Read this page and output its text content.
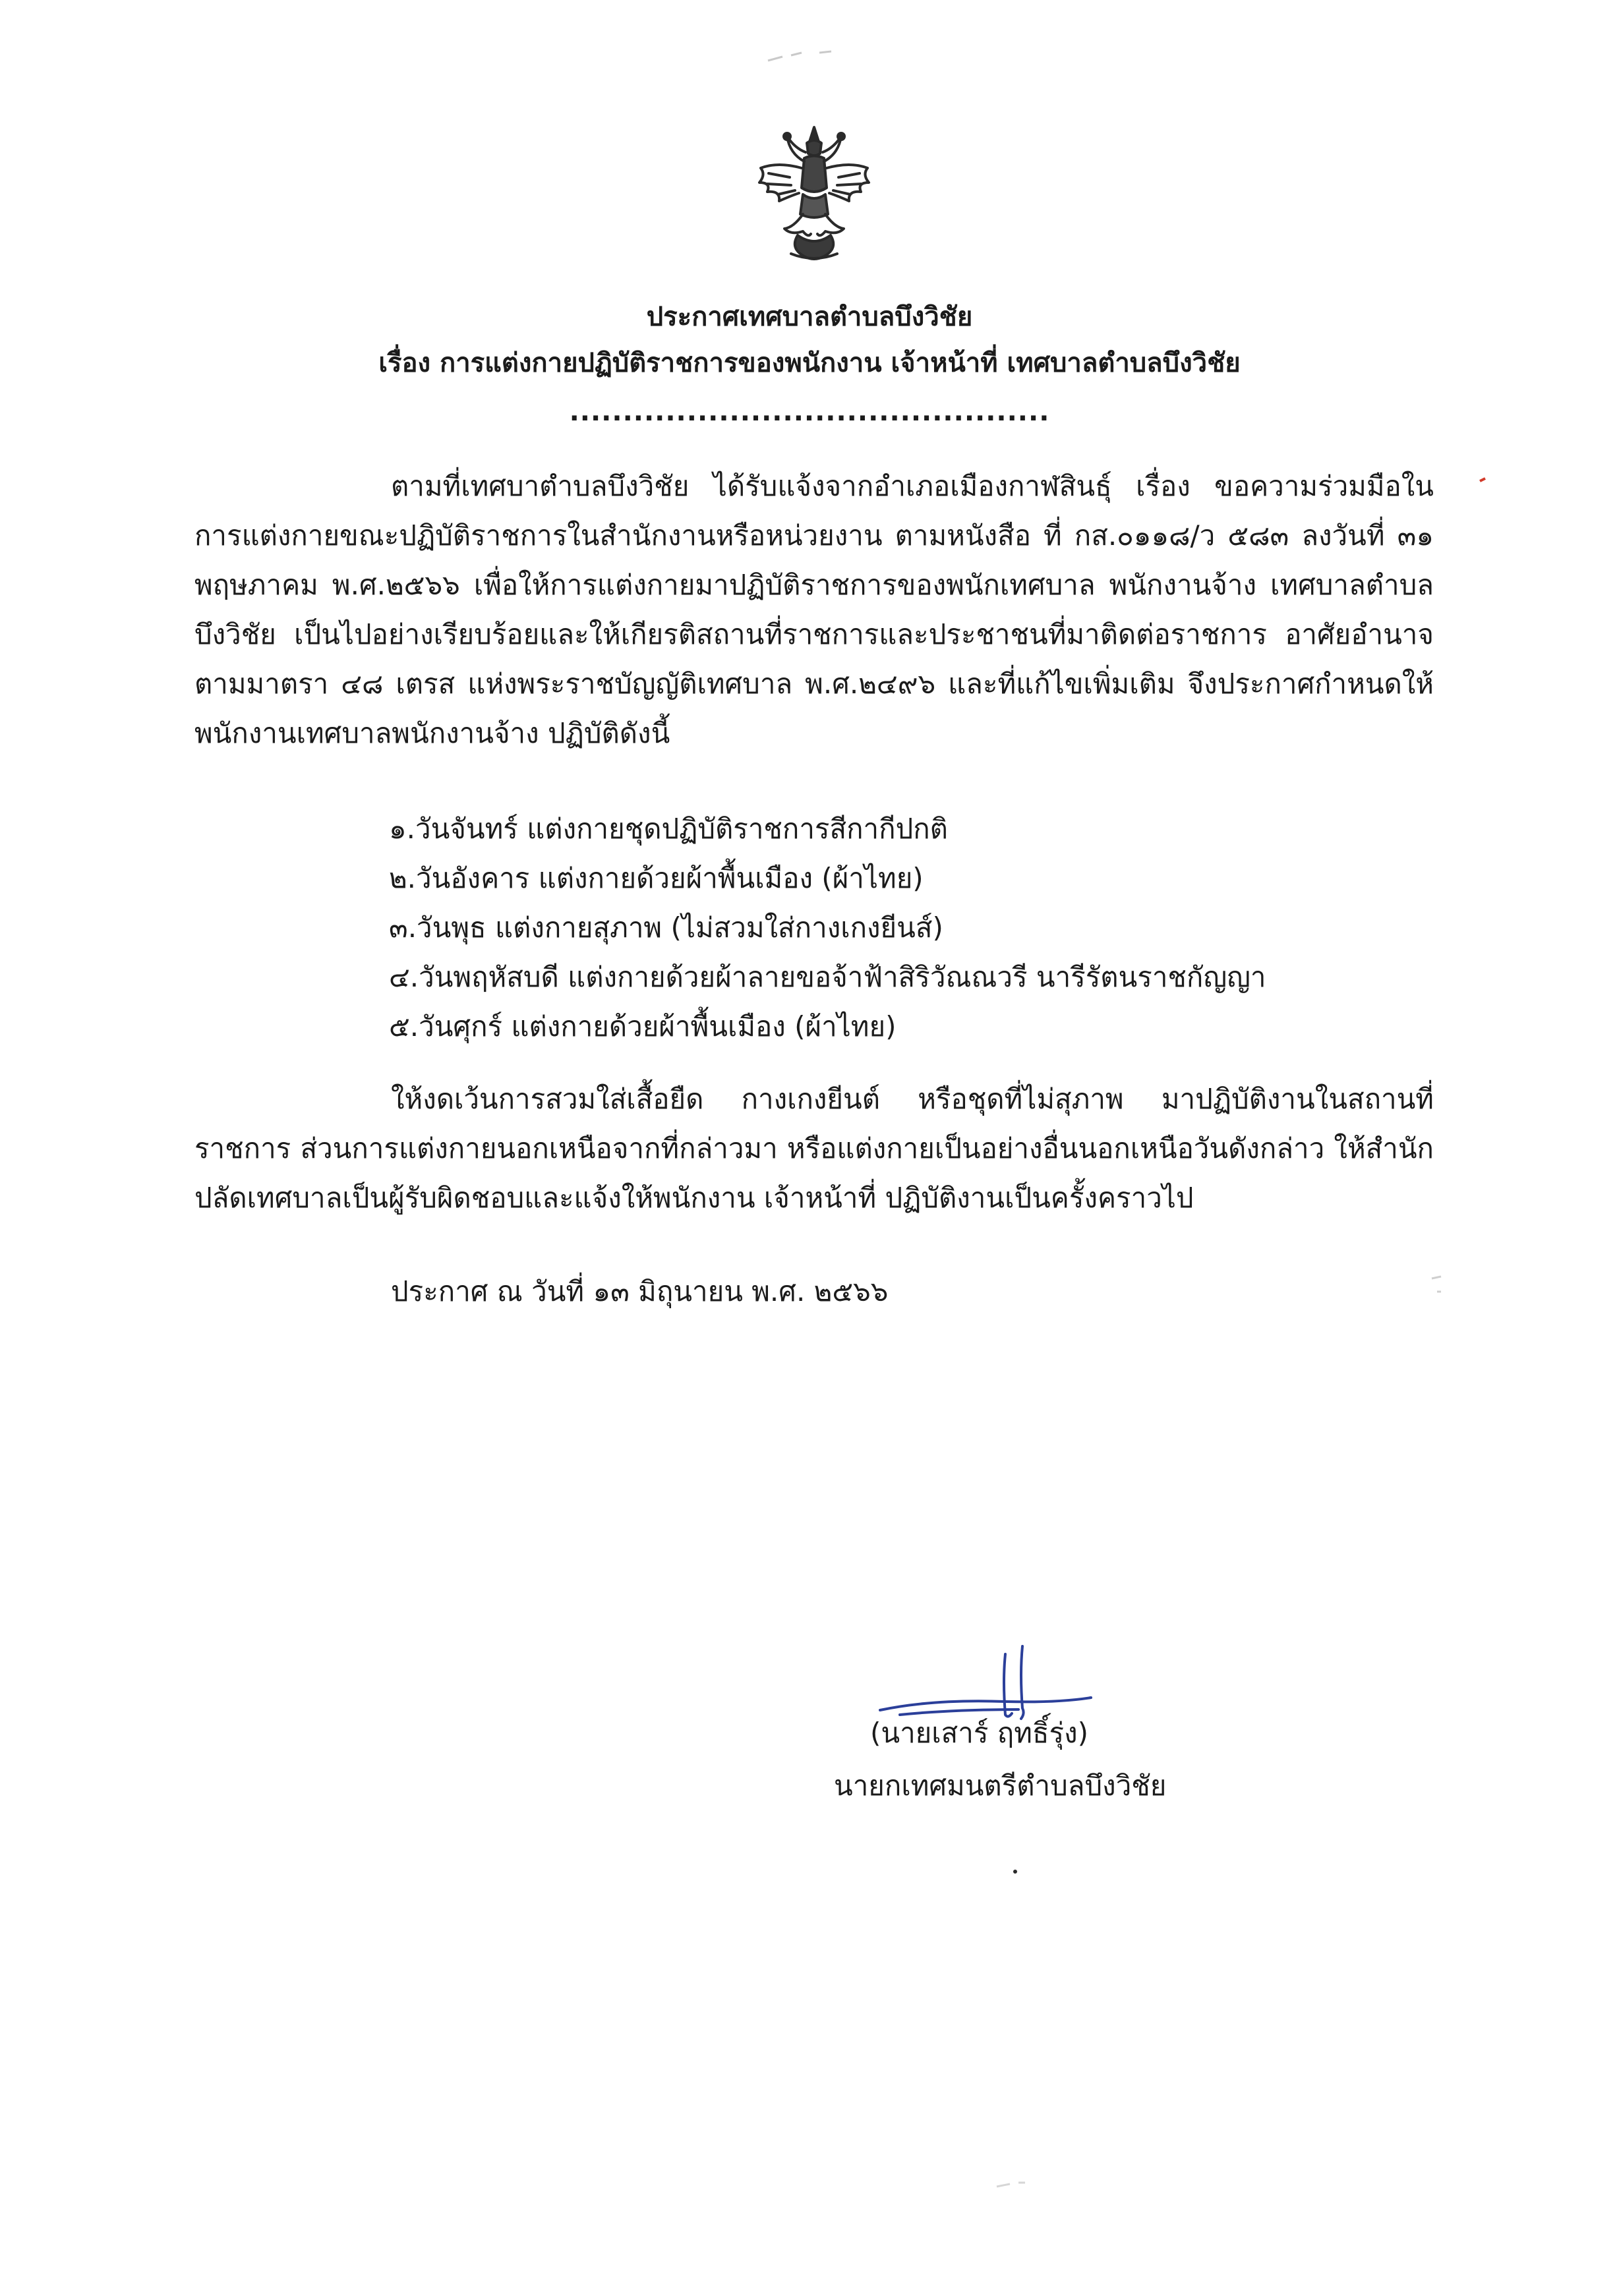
ประกาศเทศบาลตำบลบึงวิชัย
เรื่อง การแต่งกายปฏิบัติราชการของพนักงาน เจ้าหน้าที่ เทศบาลตำบลบึงวิชัย
.............................................
ตามที่เทศบาตำบลบึงวิชัย ได้รับแจ้งจากอำเภอเมืองกาฬสินธุ์ เรื่อง ขอความร่วมมือในการแต่งกายขณะปฏิบัติราชการในสำนักงานหรือหน่วยงาน ตามหนังสือ ที่ กส.๐๑๑๘/ว ๕๘๓ ลงวันที่ ๓๑ พฤษภาคม พ.ศ.๒๕๖๖ เพื่อให้การแต่งกายมาปฏิบัติราชการของพนักเทศบาล พนักงานจ้าง เทศบาลตำบลบึงวิชัย เป็นไปอย่างเรียบร้อยและให้เกียรติสถานที่ราชการและประชาชนที่มาติดต่อราชการ อาศัยอำนาจตามมาตรา ๔๘ เตรส แห่งพระราชบัญญัติเทศบาล พ.ศ.๒๔๙๖ และที่แก้ไขเพิ่มเติม จึงประกาศกำหนดให้พนักงานเทศบาลพนักงานจ้าง ปฏิบัติดังนี้
๑.วันจันทร์ แต่งกายชุดปฏิบัติราชการสีกากีปกติ
๒.วันอังคาร แต่งกายด้วยผ้าพื้นเมือง (ผ้าไทย)
๓.วันพุธ แต่งกายสุภาพ (ไม่สวมใส่กางเกงยีนส์)
๔.วันพฤหัสบดี แต่งกายด้วยผ้าลายขอจ้าฟ้าสิริวัณณวรี นารีรัตนราชกัญญา
๕.วันศุกร์ แต่งกายด้วยผ้าพื้นเมือง (ผ้าไทย)
ให้งดเว้นการสวมใส่เสื้อยืด กางเกงยีนต์ หรือชุดที่ไม่สุภาพ มาปฏิบัติงานในสถานที่ราชการ ส่วนการแต่งกายนอกเหนือจากที่กล่าวมา หรือแต่งกายเป็นอย่างอื่นนอกเหนือวันดังกล่าว ให้สำนักปลัดเทศบาลเป็นผู้รับผิดชอบและแจ้งให้พนักงาน เจ้าหน้าที่ ปฏิบัติงานเป็นครั้งคราวไป
ประกาศ ณ วันที่ ๑๓ มิถุนายน พ.ศ. ๒๕๖๖
(นายเสาร์ ฤทธิ์รุ่ง)
นายกเทศมนตรีตำบลบึงวิชัย
